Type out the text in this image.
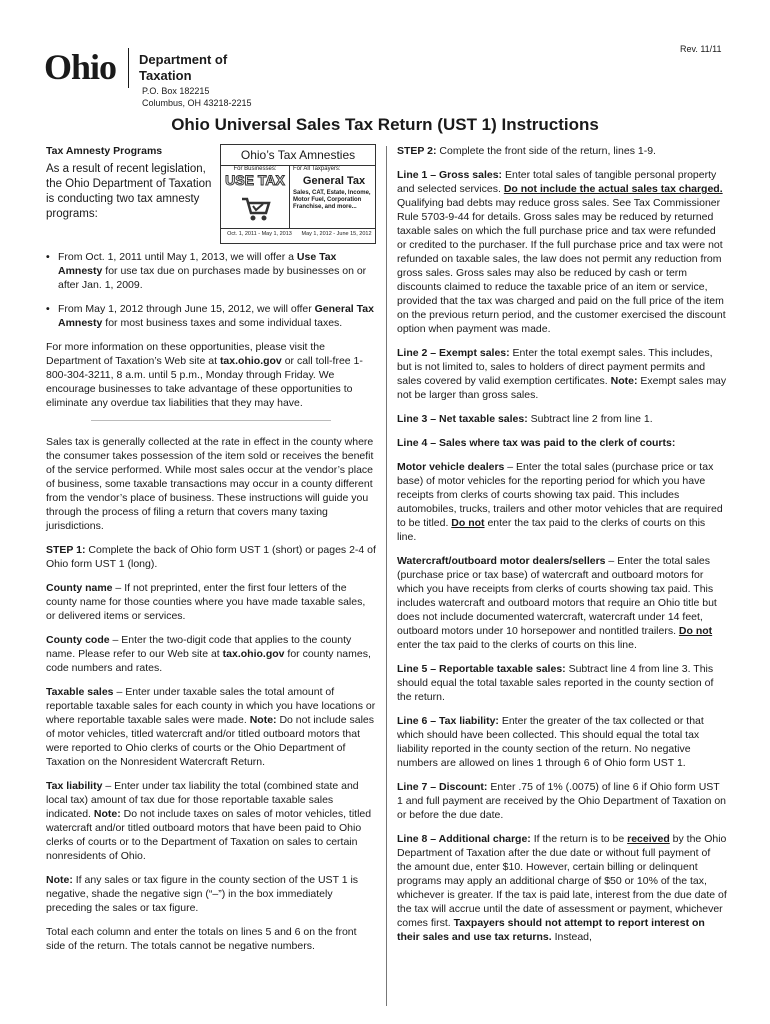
Rev. 11/11
Ohio Department of
Taxation
P.O. Box 182215
Columbus, OH 43218-2215
Ohio Universal Sales Tax Return (UST 1) Instructions
Ohio’s Tax Amnesties
For Businesses:
USE TAX
For All Taxpayers:
General Tax
Sales, CAT, Estate, Income, Motor Fuel, Corporation Franchise, and more...
Oct. 1, 2011 - May 1, 2013	May 1, 2012 - June 15, 2012

Tax Amnesty Programs

As a result of recent legislation, the Ohio Department of Taxation is conducting two tax amnesty programs:

• From Oct. 1, 2011 until May 1, 2013, we will offer a Use Tax Amnesty for use tax due on purchases made by businesses on or after Jan. 1, 2009.
• From May 1, 2012 through June 15, 2012, we will offer General Tax Amnesty for most business taxes and some individual taxes.

For more information on these opportunities, please visit the Department of Taxation’s Web site at tax.ohio.gov or call toll-free 1-800-304-3211, 8 a.m. until 5 p.m., Monday through Friday. We encourage businesses to take advantage of these opportunities to eliminate any overdue tax liabilities that they may have.

Sales tax is generally collected at the rate in effect in the county where the consumer takes possession of the item sold or receives the benefit of the service performed. While most sales occur at the vendor’s place of business, some taxable transactions may occur in a county different from the vendor’s place of business. These instructions will guide you through the process of filing a return that covers many taxing jurisdictions.

STEP 1: Complete the back of Ohio form UST 1 (short) or pages 2-4 of Ohio form UST 1 (long).

County name – If not preprinted, enter the first four letters of the county name for those counties where you have made taxable sales, or delivered items or services.

County code – Enter the two-digit code that applies to the county name. Please refer to our Web site at tax.ohio.gov for county names, code numbers and rates.

Taxable sales – Enter under taxable sales the total amount of reportable taxable sales for each county in which you have locations or where reportable taxable sales were made. Note: Do not include sales of motor vehicles, titled watercraft and/or titled outboard motors that were reported to Ohio clerks of courts or the Ohio Department of Taxation on the Nonresident Watercraft Return.

Tax liability – Enter under tax liability the total (combined state and local tax) amount of tax due for those reportable taxable sales indicated. Note: Do not include taxes on sales of motor vehicles, titled watercraft and/or titled outboard motors that have been paid to Ohio clerks of courts or to the Department of Taxation on sales to certain nonresidents of Ohio.

Note: If any sales or tax figure in the county section of the UST 1 is negative, shade the negative sign (“–”) in the box immediately preceding the sales or tax figure.

Total each column and enter the totals on lines 5 and 6 on the front side of the return. The totals cannot be negative numbers.

STEP 2: Complete the front side of the return, lines 1-9.

Line 1 – Gross sales: Enter total sales of tangible personal property and selected services. Do not include the actual sales tax charged. Qualifying bad debts may reduce gross sales. See Tax Commissioner Rule 5703-9-44 for details. Gross sales may be reduced by returned taxable sales on which the full purchase price and tax were refunded or credited to the purchaser. If the full purchase price and tax were not refunded on taxable sales, the law does not permit any reduction from gross sales. Gross sales may also be reduced by cash or term discounts claimed to reduce the taxable price of an item or service, provided that the tax was charged and paid on the full price of the item on the previous return period, and the customer exercised the discount option when payment was made.

Line 2 – Exempt sales: Enter the total exempt sales. This includes, but is not limited to, sales to holders of direct payment permits and sales covered by valid exemption certificates. Note: Exempt sales may not be larger than gross sales.

Line 3 – Net taxable sales: Subtract line 2 from line 1.

Line 4 – Sales where tax was paid to the clerk of courts:

Motor vehicle dealers – Enter the total sales (purchase price or tax base) of motor vehicles for the reporting period for which you have receipts from clerks of courts showing tax paid. This includes automobiles, trucks, trailers and other motor vehicles that are required to be titled. Do not enter the tax paid to the clerks of courts on this line.

Watercraft/outboard motor dealers/sellers – Enter the total sales (purchase price or tax base) of watercraft and outboard motors for which you have receipts from clerks of courts showing tax paid. This includes watercraft and outboard motors that require an Ohio title but does not include documented watercraft, watercraft under 14 feet, outboard motors under 10 horsepower and nontitled trailers. Do not enter the tax paid to the clerks of courts on this line.

Line 5 – Reportable taxable sales: Subtract line 4 from line 3. This should equal the total taxable sales reported in the county section of the return.

Line 6 – Tax liability: Enter the greater of the tax collected or that which should have been collected. This should equal the total tax liability reported in the county section of the return. No negative numbers are allowed on lines 1 through 6 of Ohio form UST 1.

Line 7 – Discount: Enter .75 of 1% (.0075) of line 6 if Ohio form UST 1 and full payment are received by the Ohio Department of Taxation on or before the due date.

Line 8 – Additional charge: If the return is to be received by the Ohio Department of Taxation after the due date or without full payment of the amount due, enter $10. However, certain billing or delinquent programs may apply an additional charge of $50 or 10% of the tax, whichever is greater. If the tax is paid late, interest from the due date of the tax will accrue until the date of assessment or payment, whichever comes first. Taxpayers should not attempt to report interest on their sales and use tax returns. Instead,
